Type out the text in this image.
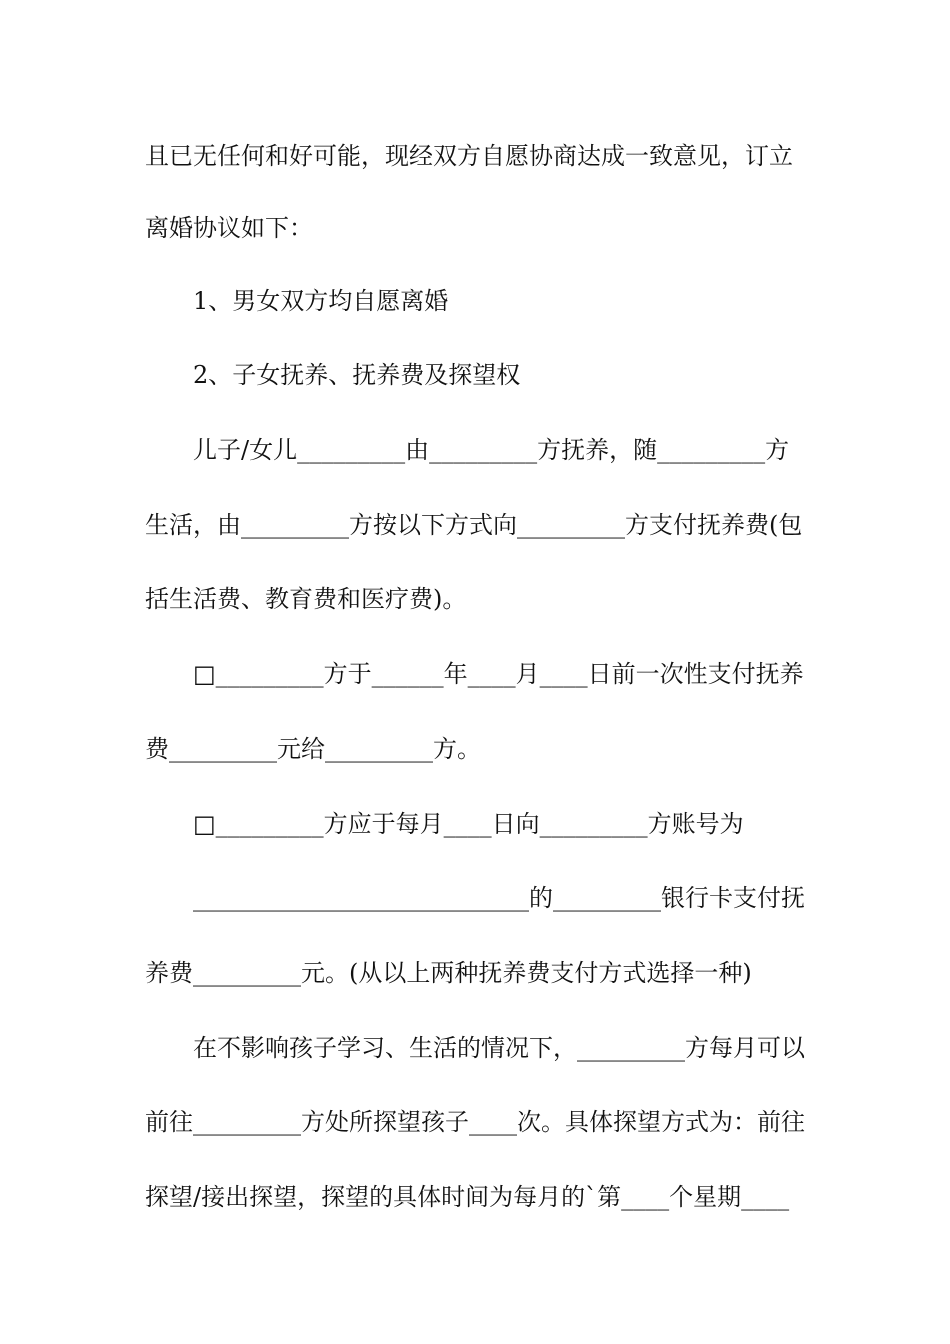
且已无任何和好可能，现经双方自愿协商达成一致意见，订立
离婚协议如下：
1、男女双方均自愿离婚
2、子女抚养、抚养费及探望权
儿子/女儿_________由_________方抚养，随_________方
生活，由_________方按以下方式向_________方支付抚养费(包
括生活费、教育费和医疗费)。
□_________方于______年____月____日前一次性支付抚养
费_________元给_________方。
□_________方应于每月____日向_________方账号为
____________________________的_________银行卡支付抚
养费_________元。(从以上两种抚养费支付方式选择一种)
在不影响孩子学习、生活的情况下，_________方每月可以
前往_________方处所探望孩子____次。具体探望方式为：前往
探望/接出探望，探望的具体时间为每月的`第____个星期____
